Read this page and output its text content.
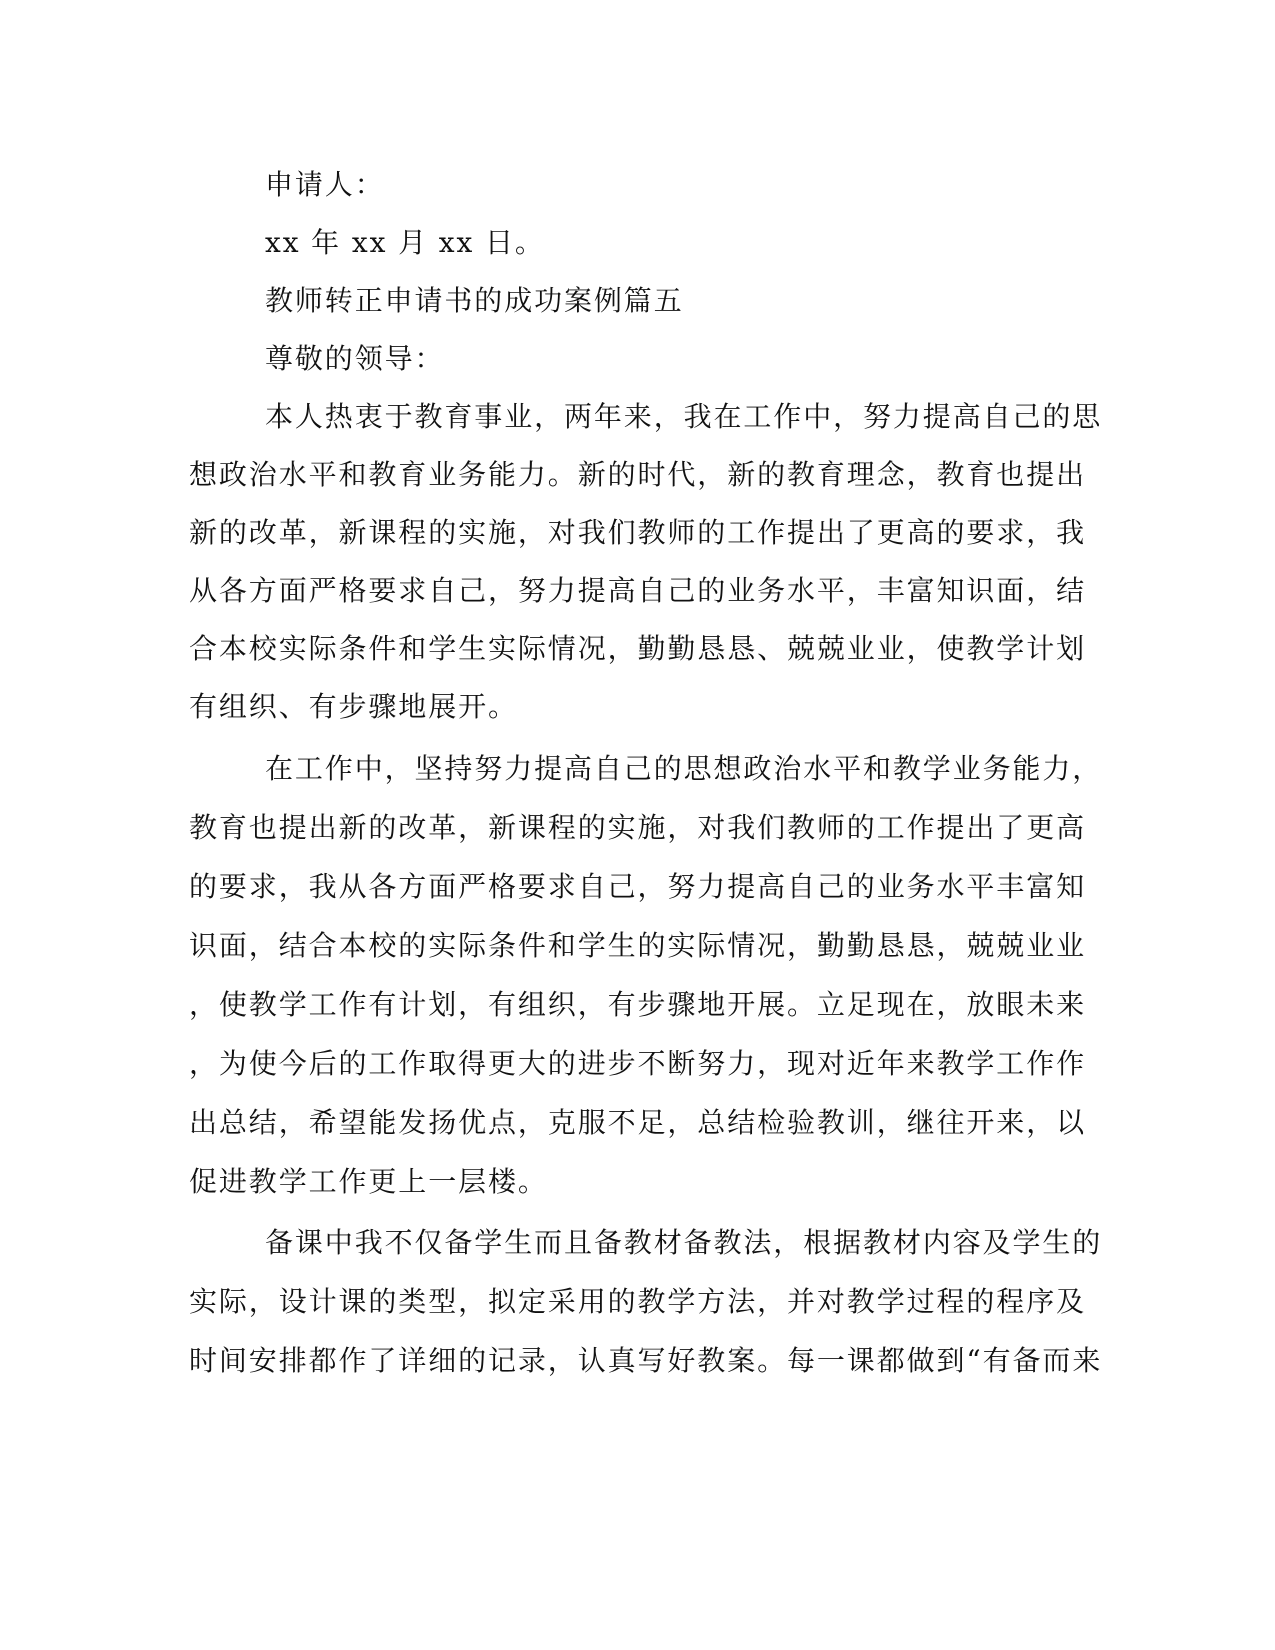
申请人：
xx 年 xx 月 xx 日。
教师转正申请书的成功案例篇五
尊敬的领导：
本人热衷于教育事业，两年来，我在工作中，努力提高自己的思
想政治水平和教育业务能力。新的时代，新的教育理念，教育也提出
新的改革，新课程的实施，对我们教师的工作提出了更高的要求，我
从各方面严格要求自己，努力提高自己的业务水平，丰富知识面，结
合本校实际条件和学生实际情况，勤勤恳恳、兢兢业业，使教学计划
有组织、有步骤地展开。
在工作中，坚持努力提高自己的思想政治水平和教学业务能力，
教育也提出新的改革，新课程的实施，对我们教师的工作提出了更高
的要求，我从各方面严格要求自己，努力提高自己的业务水平丰富知
识面，结合本校的实际条件和学生的实际情况，勤勤恳恳，兢兢业业
，使教学工作有计划，有组织，有步骤地开展。立足现在，放眼未来
，为使今后的工作取得更大的进步不断努力，现对近年来教学工作作
出总结，希望能发扬优点，克服不足，总结检验教训，继往开来，以
促进教学工作更上一层楼。
备课中我不仅备学生而且备教材备教法，根据教材内容及学生的
实际，设计课的类型，拟定采用的教学方法，并对教学过程的程序及
时间安排都作了详细的记录，认真写好教案。每一课都做到“有备而来
